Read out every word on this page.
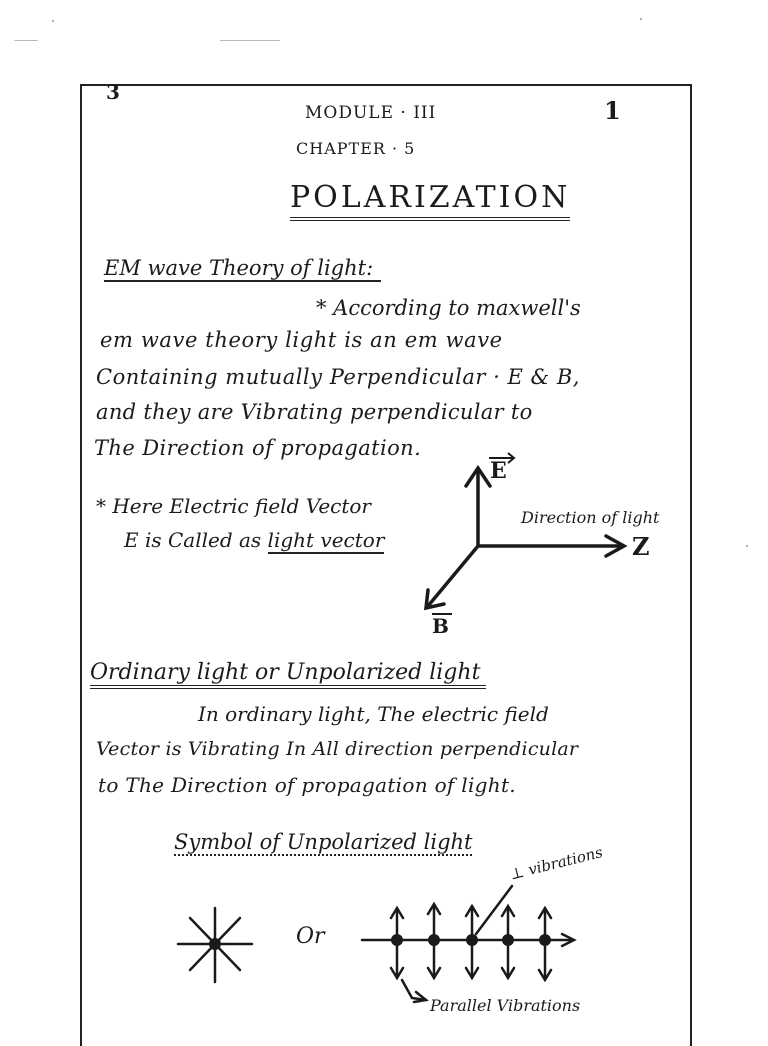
3
1
MODULE · III
CHAPTER · 5
POLARIZATION
EM wave Theory of light:
* According to maxwell's
em wave theory light is an em wave
Containing mutually Perpendicular · E & B,
and they are Vibrating perpendicular to
The Direction of propagation.
* Here Electric field Vector
E is Called as light vector
E
Z
B
Direction of light
Ordinary light or Unpolarized light
In ordinary light, The electric field
Vector is Vibrating In All direction perpendicular
to The Direction of propagation of light.
Symbol of Unpolarized light
Or
⊥ vibrations
Parallel Vibrations
